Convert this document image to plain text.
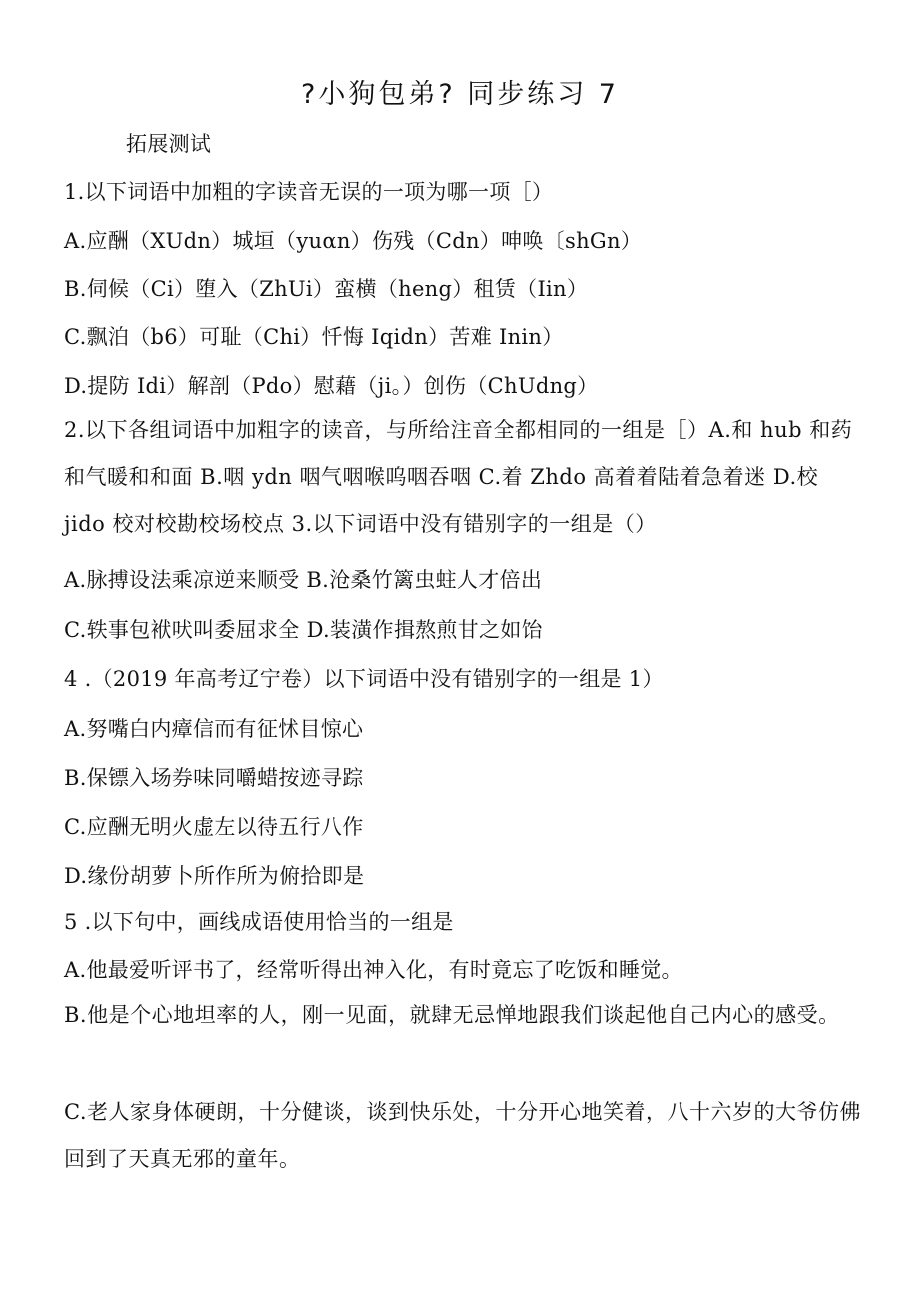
?小狗包弟? 同步练习 7
拓展测试
1.以下词语中加粗的字读音无误的一项为哪一项［）
A.应酬（XUdn）城垣（yuαn）伤残（Cdn）呻唤〔shGn）
B.伺候（Ci）堕入（ZhUi）蛮横（heng）租赁（Iin）
C.飘泊（b6）可耻（Chi）忏悔 Iqidn）苦难 Inin）
D.提防 Idi）解剖（Pdo）慰藉（ji。）创伤（ChUdng）
2.以下各组词语中加粗字的读音，与所给注音全都相同的一组是［）A.和 hub 和药和气暖和和面 B.咽 ydn 咽气咽喉呜咽吞咽 C.着 Zhdo 高着着陆着急着迷 D.校 jido 校对校勘校场校点 3.以下词语中没有错别字的一组是（）
A.脉搏设法乘凉逆来顺受 B.沧桑竹篱虫蛀人才倍出
C.轶事包袱吠叫委屈求全 D.装潢作揖熬煎甘之如饴
4 .（2019 年高考辽宁卷）以下词语中没有错别字的一组是 1）
A.努嘴白内瘴信而有征怵目惊心
B.保镖入场券味同嚼蜡按迹寻踪
C.应酬无明火虚左以待五行八作
D.缘份胡萝卜所作所为俯拾即是
5 .以下句中，画线成语使用恰当的一组是
A.他最爱听评书了，经常听得出神入化，有时竟忘了吃饭和睡觉。
B.他是个心地坦率的人，刚一见面，就肆无忌惮地跟我们谈起他自己内心的感受。
C.老人家身体硬朗，十分健谈，谈到快乐处，十分开心地笑着，八十六岁的大爷仿佛回到了天真无邪的童年。
